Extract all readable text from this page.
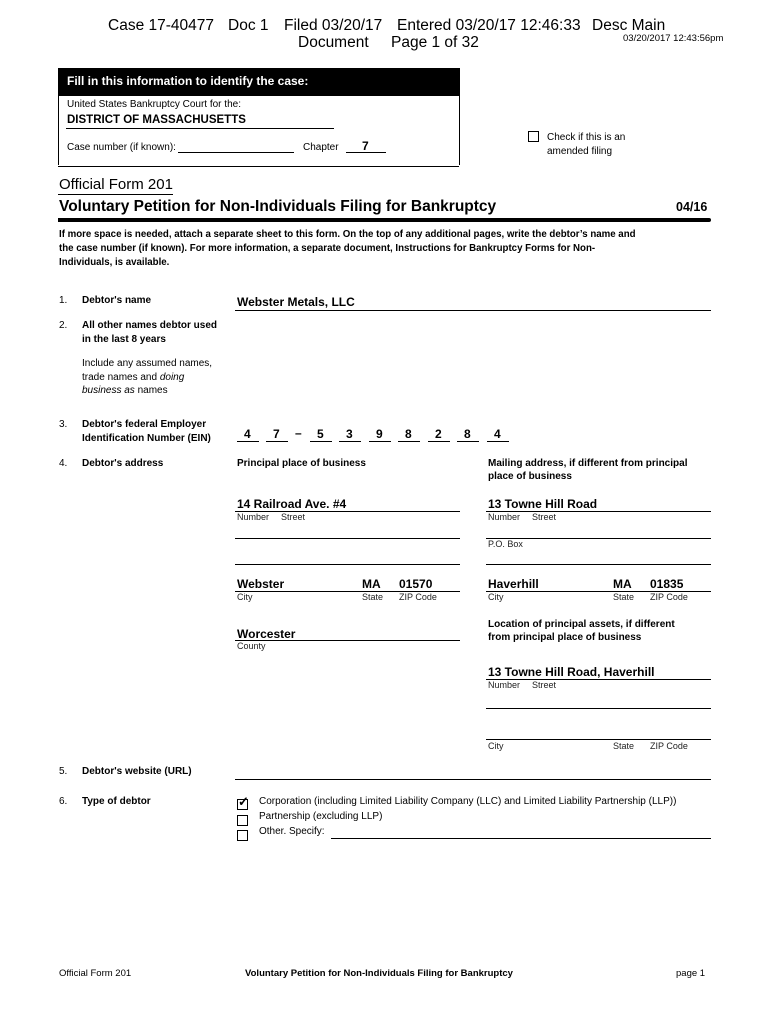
Case 17-40477 Doc 1 Filed 03/20/17 Entered 03/20/17 12:46:33 Desc Main
Document Page 1 of 32	03/20/2017 12:43:56pm
Fill in this information to identify the case:
United States Bankruptcy Court for the:
DISTRICT OF MASSACHUSETTS
Case number (if known):	Chapter 7
Check if this is an
amended filing
Official Form 201
Voluntary Petition for Non-Individuals Filing for Bankruptcy	04/16
If more space is needed, attach a separate sheet to this form. On the top of any additional pages, write the debtor’s name and
the case number (if known). For more information, a separate document, Instructions for Bankruptcy Forms for Non-
Individuals, is available.
1. Debtor's name	Webster Metals, LLC
2. All other names debtor used
in the last 8 years
Include any assumed names,
trade names and doing
business as names
3. Debtor's federal Employer
Identification Number (EIN)	4 7 – 5 3 9 8 2 8 4
4. Debtor's address	Principal place of business	Mailing address, if different from principal
place of business
14 Railroad Ave. #4
Number Street
13 Towne Hill Road
Number Street
P.O. Box
Webster	MA 01570
City	State ZIP Code
Haverhill	MA 01835
City	State ZIP Code
Worcester
County
Location of principal assets, if different
from principal place of business
13 Towne Hill Road, Haverhill
Number Street
City	State ZIP Code
5. Debtor's website (URL)
6. Type of debtor	✓ Corporation (including Limited Liability Company (LLC) and Limited Liability Partnership (LLP))
Partnership (excluding LLP)
Other. Specify:
Official Form 201	Voluntary Petition for Non-Individuals Filing for Bankruptcy	page 1
